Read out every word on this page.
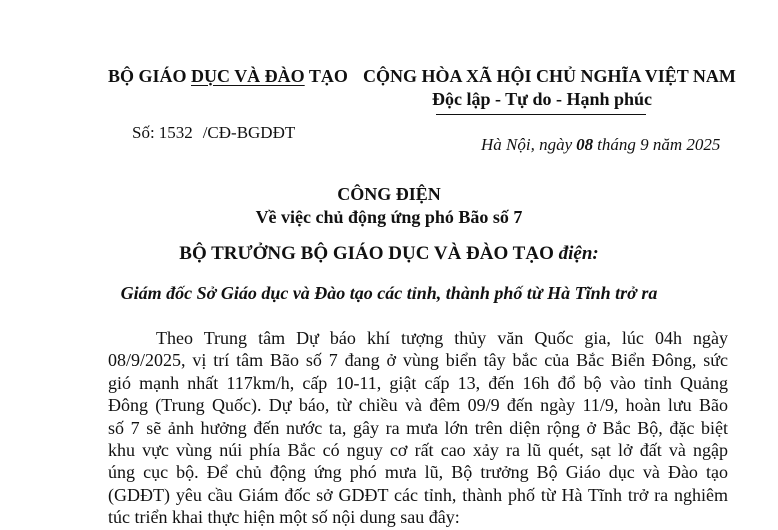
BỘ GIÁO DỤC VÀ ĐÀO TẠO CỘNG HÒA XÃ HỘI CHỦ NGHĨA VIỆT NAM
Độc lập - Tự do - Hạnh phúc
Số: 1532 /CĐ-BGDĐT
Hà Nội, ngày 08 tháng 9 năm 2025
CÔNG ĐIỆN
Về việc chủ động ứng phó Bão số 7
BỘ TRƯỞNG BỘ GIÁO DỤC VÀ ĐÀO TẠO điện:
Giám đốc Sở Giáo dục và Đào tạo các tỉnh, thành phố từ Hà Tĩnh trở ra
Theo Trung tâm Dự báo khí tượng thủy văn Quốc gia, lúc 04h ngày
08/9/2025, vị trí tâm Bão số 7 đang ở vùng biển tây bắc của Bắc Biển Đông, sức
gió mạnh nhất 117km/h, cấp 10-11, giật cấp 13, đến 16h đổ bộ vào tỉnh Quảng
Đông (Trung Quốc). Dự báo, từ chiều và đêm 09/9 đến ngày 11/9, hoàn lưu Bão
số 7 sẽ ảnh hưởng đến nước ta, gây ra mưa lớn trên diện rộng ở Bắc Bộ, đặc biệt
khu vực vùng núi phía Bắc có nguy cơ rất cao xảy ra lũ quét, sạt lở đất và ngập
úng cục bộ. Để chủ động ứng phó mưa lũ, Bộ trưởng Bộ Giáo dục và Đào tạo
(GDĐT) yêu cầu Giám đốc sở GDĐT các tỉnh, thành phố từ Hà Tĩnh trở ra nghiêm
túc triển khai thực hiện một số nội dung sau đây:
